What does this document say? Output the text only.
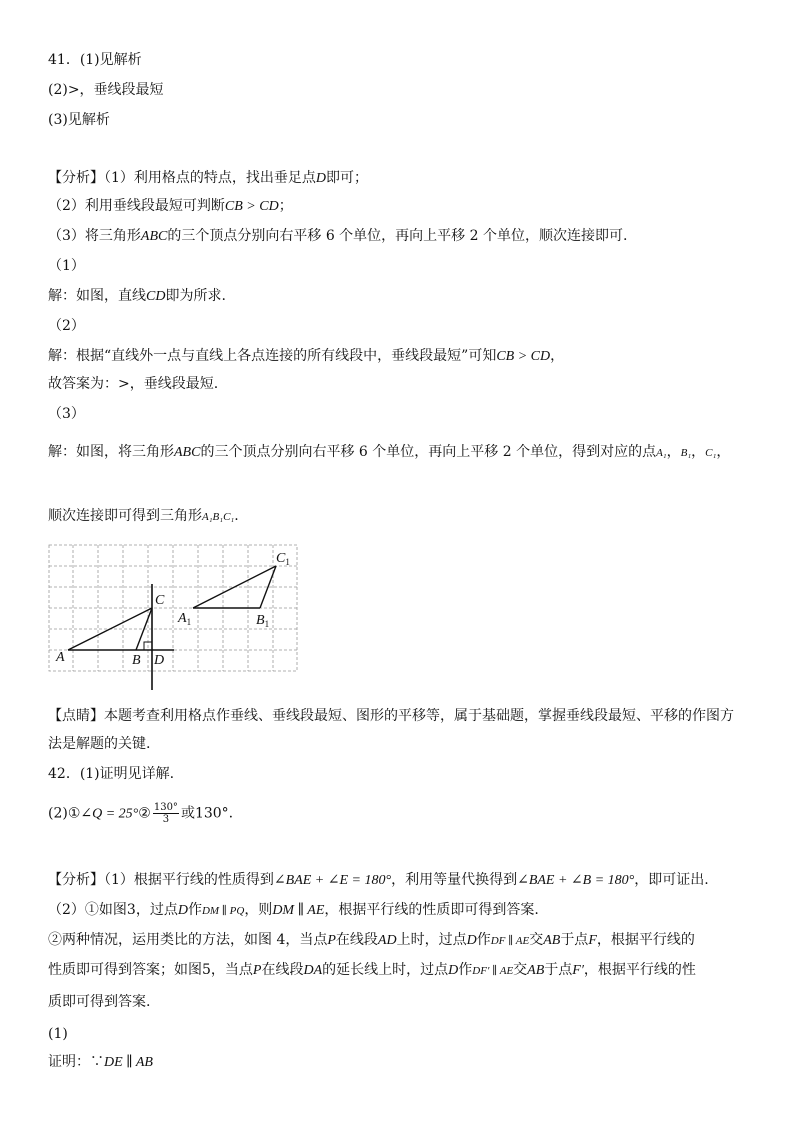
41．(1)见解析
(2)>，垂线段最短
(3)见解析
【分析】（1）利用格点的特点，找出垂足点D即可；
（2）利用垂线段最短可判断CB > CD；
（3）将三角形ABC的三个顶点分别向右平移 6 个单位，再向上平移 2 个单位，顺次连接即可.
（1）
解：如图，直线CD即为所求.
（2）
解：根据“直线外一点与直线上各点连接的所有线段中，垂线段最短”可知CB > CD，
故答案为：>，垂线段最短.
（3）
解：如图，将三角形ABC的三个顶点分别向右平移 6 个单位，再向上平移 2 个单位，得到对应的点A₁，B₁，C₁，
顺次连接即可得到三角形A₁B₁C₁.
A	B
C
D
$A_1$	$B_1$
$C_1$
【点睛】本题考查利用格点作垂线、垂线段最短、图形的平移等，属于基础题，掌握垂线段最短、平移的作图方
法是解题的关键.
42．(1)证明见详解.
(2)①∠Q = 25°② $\frac{130^\circ}{3}$ 或130°.
【分析】（1）根据平行线的性质得到∠BAE + ∠E = 180°，利用等量代换得到∠BAE + ∠B = 180°，即可证出.
（2）①如图3，过点D作DM ∥ PQ，则DM ∥ AE，根据平行线的性质即可得到答案.
②两种情况，运用类比的方法，如图 4，当点P在线段AD上时，过点D作DF ∥ AE交AB于点F，根据平行线的
性质即可得到答案；如图5，当点P在线段DA的延长线上时，过点D作DF′ ∥ AE交AB于点F′，根据平行线的性
质即可得到答案.
(1)
证明：∵DE ∥ AB
